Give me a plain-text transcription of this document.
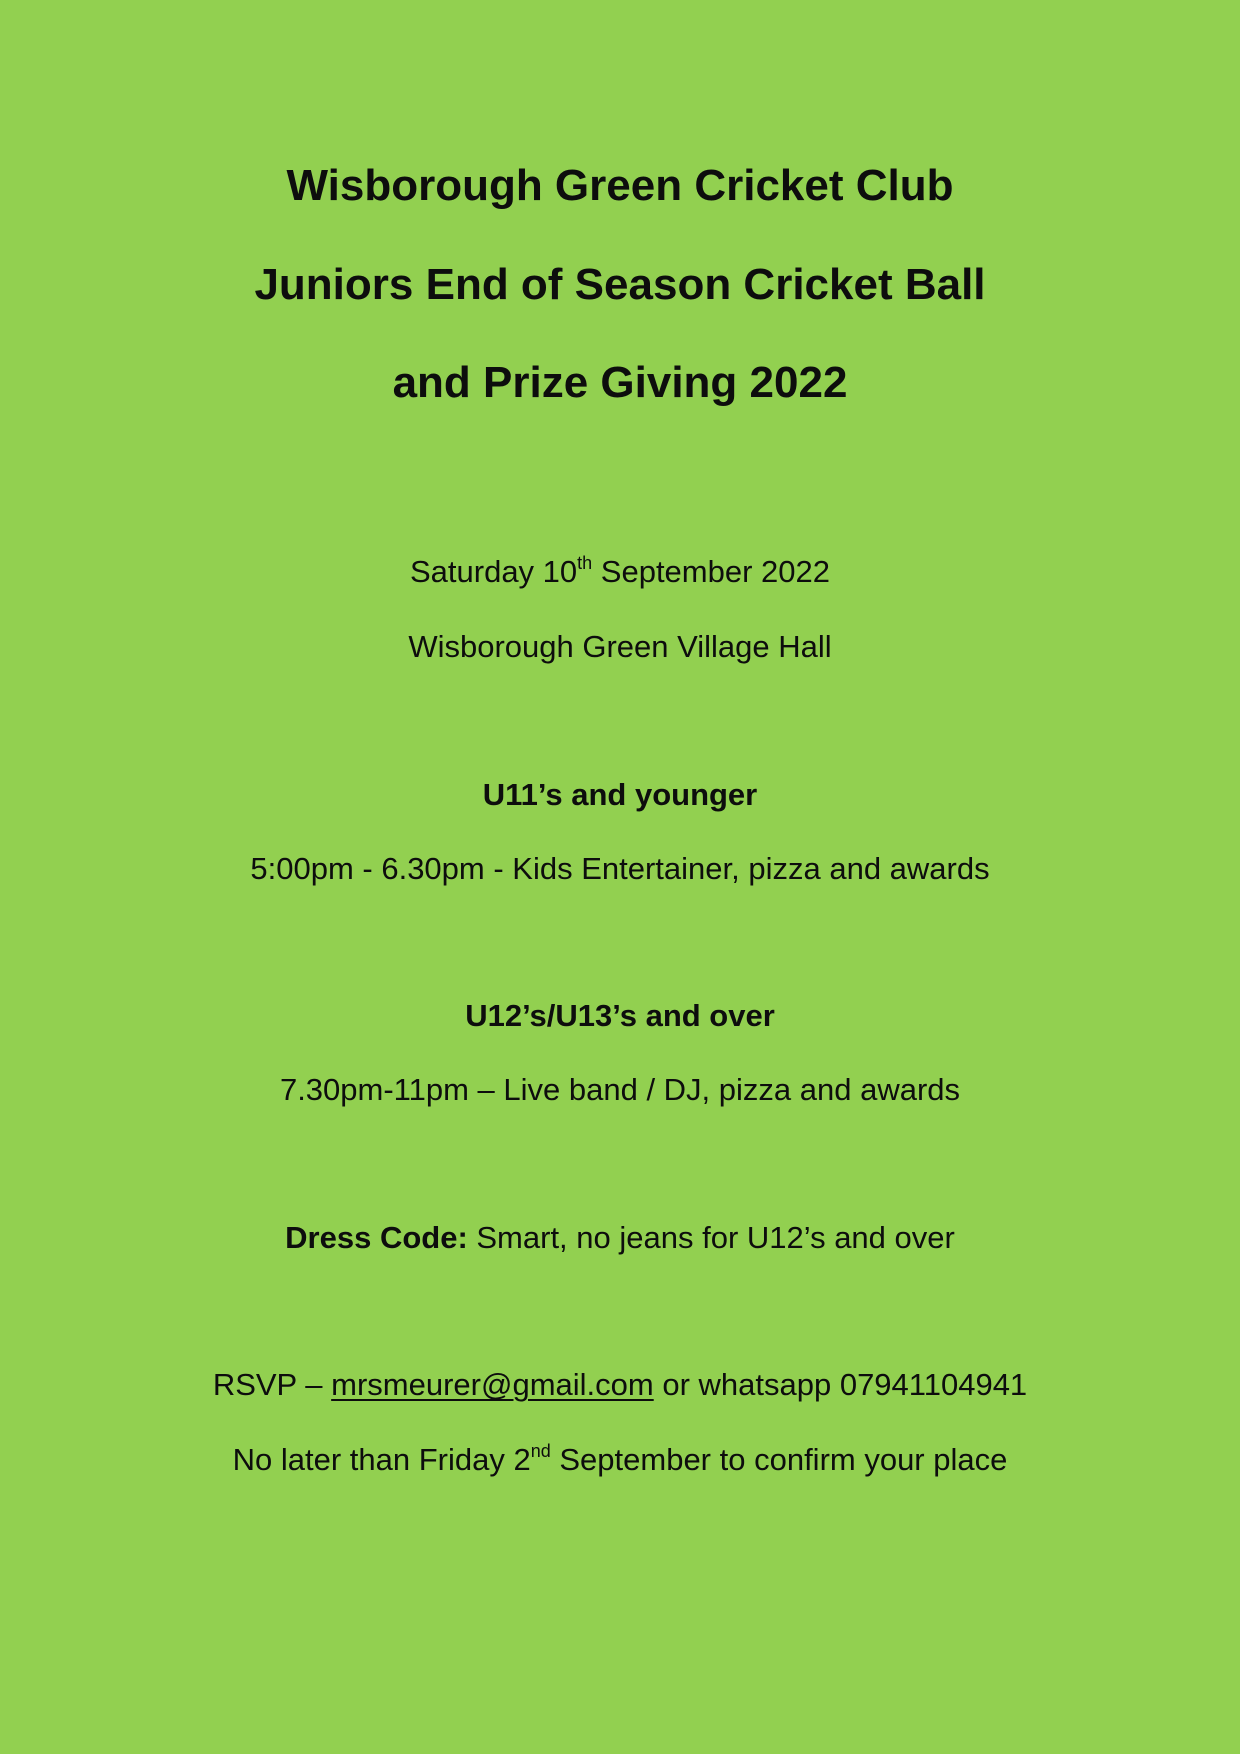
Wisborough Green Cricket Club
Juniors End of Season Cricket Ball
and Prize Giving 2022
Saturday 10th September 2022
Wisborough Green Village Hall
U11’s and younger
5:00pm - 6.30pm - Kids Entertainer, pizza and awards
U12’s/U13’s and over
7.30pm-11pm – Live band / DJ, pizza and awards
Dress Code: Smart, no jeans for U12’s and over
RSVP – mrsmeurer@gmail.com or whatsapp 07941104941
No later than Friday 2nd September to confirm your place
